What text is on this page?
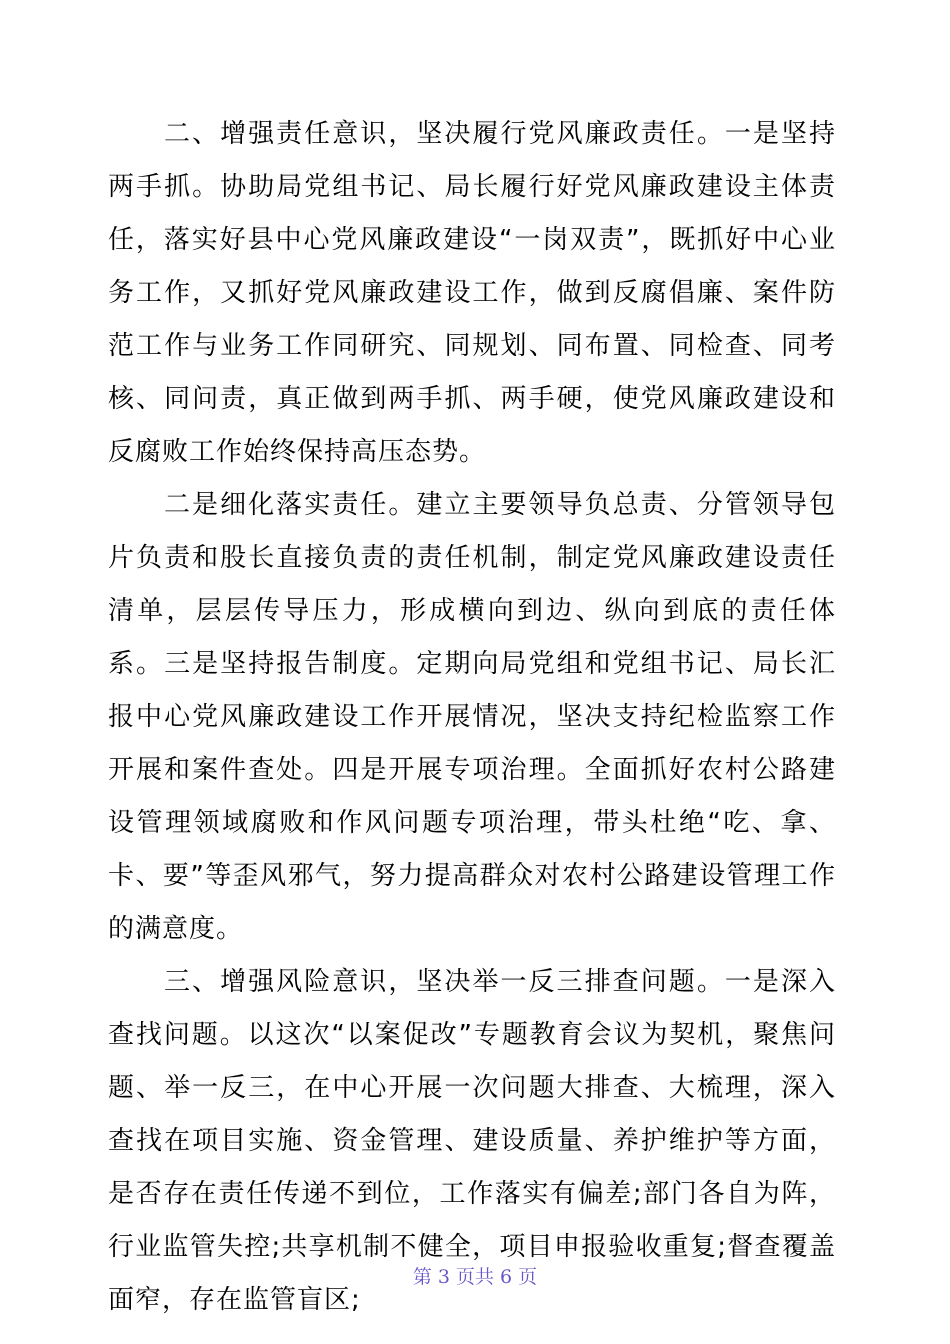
二、增强责任意识，坚决履行党风廉政责任。一是坚持两手抓。协助局党组书记、局长履行好党风廉政建设主体责任，落实好县中心党风廉政建设“一岗双责”，既抓好中心业务工作，又抓好党风廉政建设工作，做到反腐倡廉、案件防范工作与业务工作同研究、同规划、同布置、同检查、同考核、同问责，真正做到两手抓、两手硬，使党风廉政建设和反腐败工作始终保持高压态势。

二是细化落实责任。建立主要领导负总责、分管领导包片负责和股长直接负责的责任机制，制定党风廉政建设责任清单，层层传导压力，形成横向到边、纵向到底的责任体系。三是坚持报告制度。定期向局党组和党组书记、局长汇报中心党风廉政建设工作开展情况，坚决支持纪检监察工作开展和案件查处。四是开展专项治理。全面抓好农村公路建设管理领域腐败和作风问题专项治理，带头杜绝“吃、拿、卡、要”等歪风邪气，努力提高群众对农村公路建设管理工作的满意度。

三、增强风险意识，坚决举一反三排查问题。一是深入查找问题。以这次“以案促改”专题教育会议为契机，聚焦问题、举一反三，在中心开展一次问题大排查、大梳理，深入查找在项目实施、资金管理、建设质量、养护维护等方面，是否存在责任传递不到位，工作落实有偏差;部门各自为阵，行业监管失控;共享机制不健全，项目申报验收重复;督查覆盖面窄，存在监管盲区;

第 3 页共 6 页
